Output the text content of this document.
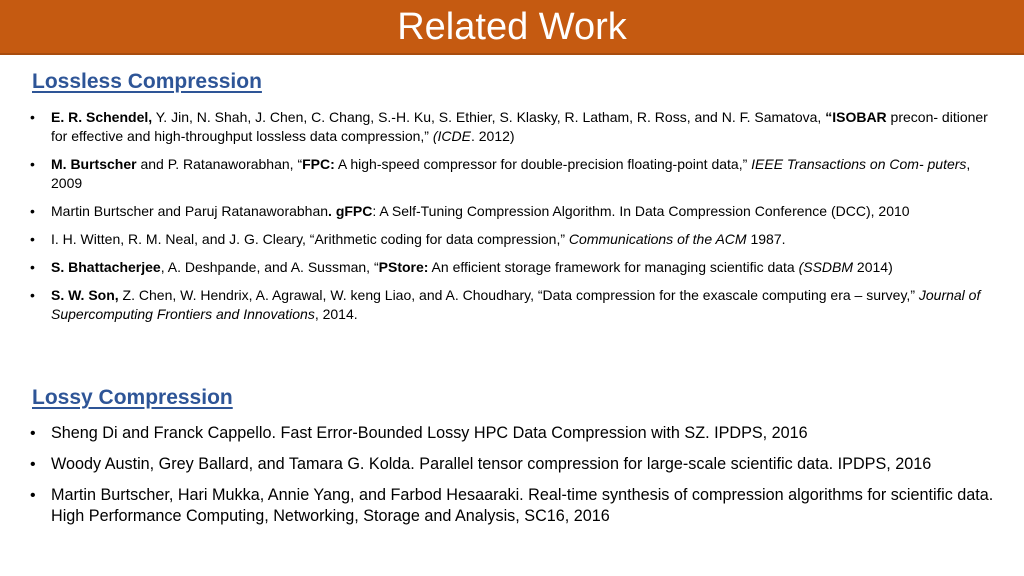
Related Work
Lossless Compression
• E. R. Schendel, Y. Jin, N. Shah, J. Chen, C. Chang, S.-H. Ku, S. Ethier, S. Klasky, R. Latham, R. Ross, and N. F. Samatova, “ISOBAR precon- ditioner for effective and high-throughput lossless data compression,” (ICDE. 2012)
• M. Burtscher and P. Ratanaworabhan, “FPC: A high-speed compressor for double-precision floating-point data,” IEEE Transactions on Com- puters, 2009
• Martin Burtscher and Paruj Ratanaworabhan. gFPC: A Self-Tuning Compression Algorithm. In Data Compression Conference (DCC), 2010
• I. H. Witten, R. M. Neal, and J. G. Cleary, “Arithmetic coding for data compression,” Communications of the ACM 1987.
• S. Bhattacherjee, A. Deshpande, and A. Sussman, “PStore: An efficient storage framework for managing scientific data (SSDBM 2014)
• S. W. Son, Z. Chen, W. Hendrix, A. Agrawal, W. keng Liao, and A. Choudhary, “Data compression for the exascale computing era – survey,” Journal of Supercomputing Frontiers and Innovations, 2014.
Lossy Compression
• Sheng Di and Franck Cappello. Fast Error-Bounded Lossy HPC Data Compression with SZ. IPDPS, 2016
• Woody Austin, Grey Ballard, and Tamara G. Kolda. Parallel tensor compression for large-scale scientific data. IPDPS, 2016
• Martin Burtscher, Hari Mukka, Annie Yang, and Farbod Hesaaraki. Real-time synthesis of compression algorithms for scientific data. High Performance Computing, Networking, Storage and Analysis, SC16, 2016
